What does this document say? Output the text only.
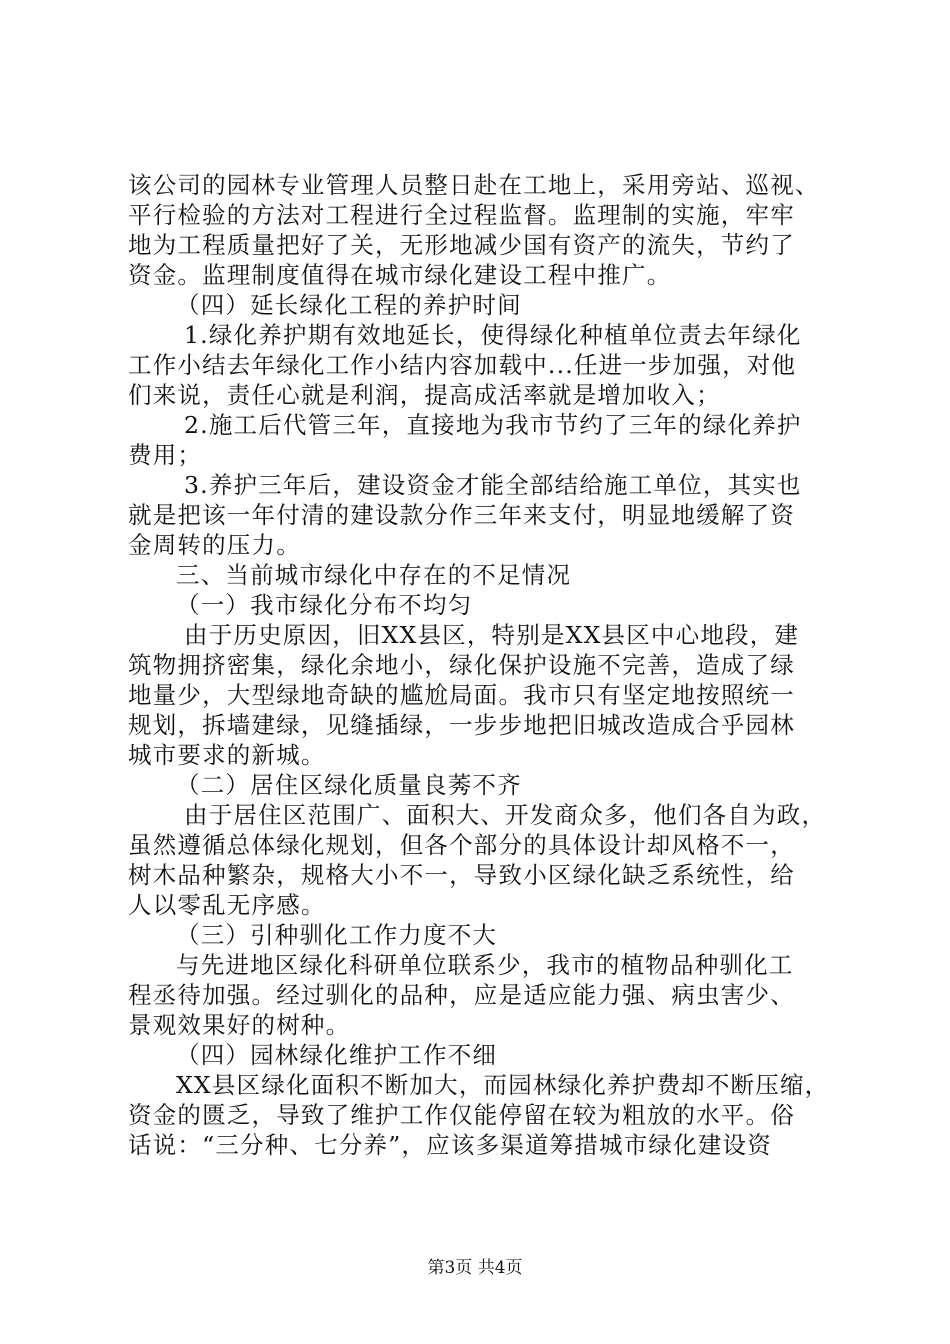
该公司的园林专业管理人员整日赴在工地上，采用旁站、巡视、
平行检验的方法对工程进行全过程监督。监理制的实施，牢牢
地为工程质量把好了关，无形地减少国有资产的流失，节约了
资金。监理制度值得在城市绿化建设工程中推广。
（四）延长绿化工程的养护时间
1.绿化养护期有效地延长，使得绿化种植单位责去年绿化
工作小结去年绿化工作小结内容加载中...任进一步加强，对他
们来说，责任心就是利润，提高成活率就是增加收入；
2.施工后代管三年，直接地为我市节约了三年的绿化养护
费用；
3.养护三年后，建设资金才能全部结给施工单位，其实也
就是把该一年付清的建设款分作三年来支付，明显地缓解了资
金周转的压力。
三、当前城市绿化中存在的不足情况
（一）我市绿化分布不均匀
由于历史原因，旧XX县区，特别是XX县区中心地段，建
筑物拥挤密集，绿化余地小，绿化保护设施不完善，造成了绿
地量少，大型绿地奇缺的尴尬局面。我市只有坚定地按照统一
规划，拆墙建绿，见缝插绿，一步步地把旧城改造成合乎园林
城市要求的新城。
（二）居住区绿化质量良莠不齐
由于居住区范围广、面积大、开发商众多，他们各自为政，
虽然遵循总体绿化规划，但各个部分的具体设计却风格不一，
树木品种繁杂，规格大小不一，导致小区绿化缺乏系统性，给
人以零乱无序感。
（三）引种驯化工作力度不大
与先进地区绿化科研单位联系少，我市的植物品种驯化工
程丞待加强。经过驯化的品种，应是适应能力强、病虫害少、
景观效果好的树种。
（四）园林绿化维护工作不细
XX县区绿化面积不断加大，而园林绿化养护费却不断压缩，
资金的匮乏，导致了维护工作仅能停留在较为粗放的水平。俗
话说：“三分种、七分养”，应该多渠道筹措城市绿化建设资
第3页 共4页
